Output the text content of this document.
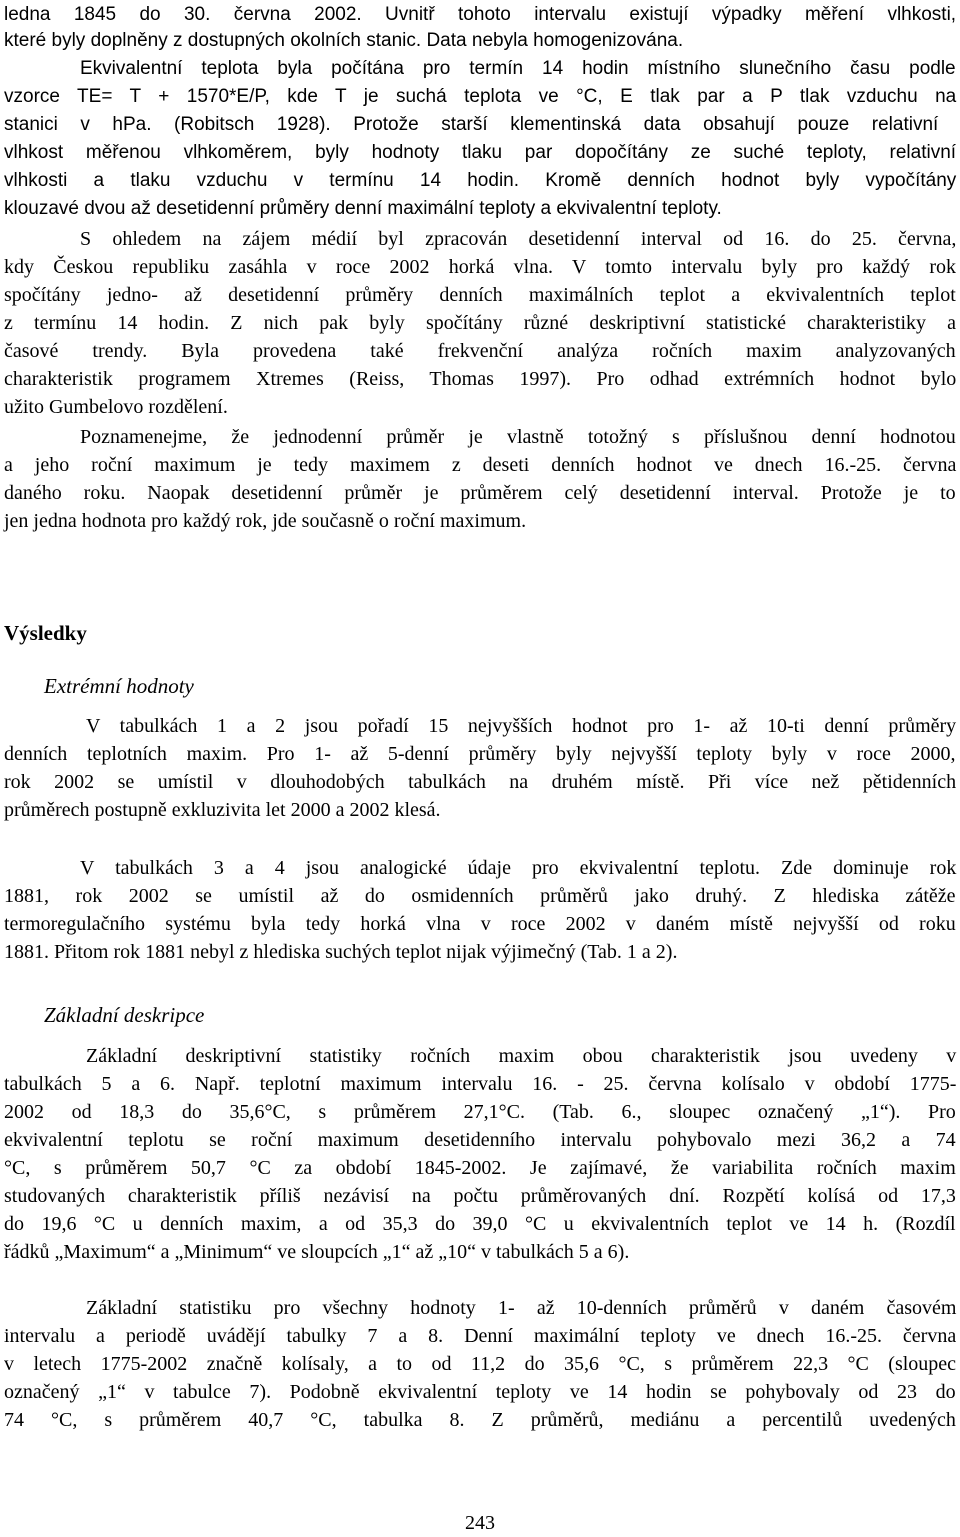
ledna 1845 do 30. června 2002. Uvnitř tohoto intervalu existují výpadky měření vlhkosti,
které byly doplněny z dostupných okolních stanic. Data nebyla homogenizována.
Ekvivalentní teplota byla počítána pro termín 14 hodin místního slunečního času podle
vzorce TE= T + 1570*E/P, kde T je suchá teplota ve °C, E tlak par a P tlak vzduchu na
stanici v hPa. (Robitsch 1928). Protože starší klementinská data obsahují pouze relativní
vlhkost měřenou vlhkoměrem, byly hodnoty tlaku par dopočítány ze suché teploty, relativní
vlhkosti a tlaku vzduchu v termínu 14 hodin. Kromě denních hodnot byly vypočítány
klouzavé dvou až desetidenní průměry denní maximální teploty a ekvivalentní teploty.
S ohledem na zájem médií byl zpracován desetidenní interval od 16. do 25. června,
kdy Českou republiku zasáhla v roce 2002 horká vlna. V tomto intervalu byly pro každý rok
spočítány jedno- až desetidenní průměry denních maximálních teplot a ekvivalentních teplot
z termínu 14 hodin. Z nich pak byly spočítány různé deskriptivní statistické charakteristiky a
časové trendy. Byla provedena také frekvenční analýza ročních maxim analyzovaných
charakteristik programem Xtremes (Reiss, Thomas 1997). Pro odhad extrémních hodnot bylo
užito Gumbelovo rozdělení.
Poznamenejme, že jednodenní průměr je vlastně totožný s příslušnou denní hodnotou
a jeho roční maximum je tedy maximem z deseti denních hodnot ve dnech 16.-25. června
daného roku. Naopak desetidenní průměr je průměrem celý desetidenní interval. Protože je to
jen jedna hodnota pro každý rok, jde současně o roční maximum.
Výsledky
Extrémní hodnoty
V tabulkách 1 a 2 jsou pořadí 15 nejvyšších hodnot pro 1- až 10-ti denní průměry
denních teplotních maxim. Pro 1- až 5-denní průměry byly nejvyšší teploty byly v roce 2000,
rok 2002 se umístil v dlouhodobých tabulkách na druhém místě. Při více než pětidenních
průměrech postupně exkluzivita let 2000 a 2002 klesá.
V tabulkách 3 a 4 jsou analogické údaje pro ekvivalentní teplotu. Zde dominuje rok
1881, rok 2002 se umístil až do osmidenních průměrů jako druhý. Z hlediska zátěže
termoregulačního systému byla tedy horká vlna v roce 2002 v daném místě nejvyšší od roku
1881. Přitom rok 1881 nebyl z hlediska suchých teplot nijak výjimečný (Tab. 1 a 2).
Základní deskripce
Základní deskriptivní statistiky ročních maxim obou charakteristik jsou uvedeny v
tabulkách 5 a 6. Např. teplotní maximum intervalu 16. - 25. června kolísalo v období 1775-
2002 od 18,3 do 35,6°C, s průměrem 27,1°C. (Tab. 6., sloupec označený „1“). Pro
ekvivalentní teplotu se roční maximum desetidenního intervalu pohybovalo mezi 36,2 a 74
°C, s průměrem 50,7 °C za období 1845-2002. Je zajímavé, že variabilita ročních maxim
studovaných charakteristik příliš nezávisí na počtu průměrovaných dní. Rozpětí kolísá od 17,3
do 19,6 °C u denních maxim, a od 35,3 do 39,0 °C u ekvivalentních teplot ve 14 h. (Rozdíl
řádků „Maximum“ a „Minimum“ ve sloupcích „1“ až „10“ v tabulkách 5 a 6).
Základní statistiku pro všechny hodnoty 1- až 10-denních průměrů v daném časovém
intervalu a periodě uvádějí tabulky 7 a 8. Denní maximální teploty ve dnech 16.-25. června
v letech 1775-2002 značně kolísaly, a to od 11,2 do 35,6 °C, s průměrem 22,3 °C (sloupec
označený „1“ v tabulce 7). Podobně ekvivalentní teploty ve 14 hodin se pohybovaly od 23 do
74 °C, s průměrem 40,7 °C, tabulka 8. Z průměrů, mediánu a percentilů uvedených
243
